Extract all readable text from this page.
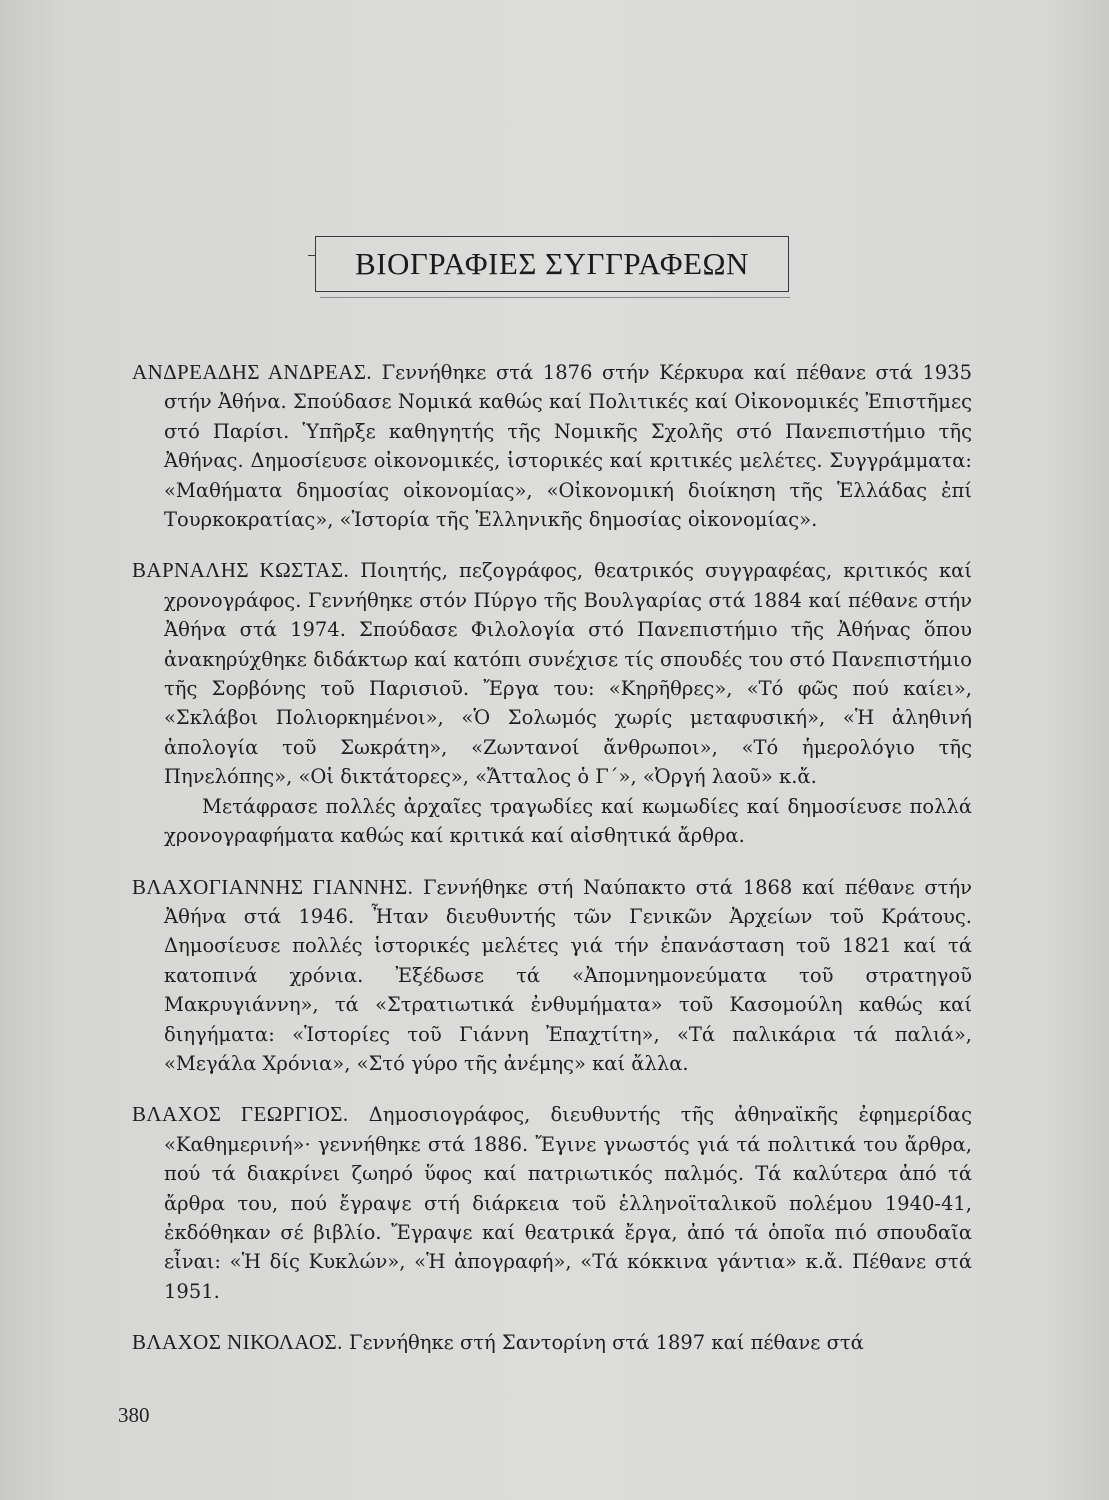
ΒΙΟΓΡΑΦΙΕΣ ΣΥΓΓΡΑΦΕΩΝ

ΑΝΔΡΕΑΔΗΣ ΑΝΔΡΕΑΣ. Γεννήθηκε στά 1876 στήν Κέρκυρα καί πέθανε στά 1935 στήν Ἀθήνα. Σπούδασε Νομικά καθώς καί Πολιτικές καί Οἰκονομικές Ἐπιστῆμες στό Παρίσι. Ὑπῆρξε καθηγητής τῆς Νομικῆς Σχολῆς στό Πανεπιστήμιο τῆς Ἀθήνας. Δημοσίευσε οἰκονομικές, ἱστορικές καί κριτικές μελέτες. Συγγράμματα: «Μαθήματα δημοσίας οἰκονομίας», «Οἰκονομική διοίκηση τῆς Ἑλλάδας ἐπί Τουρκοκρατίας», «Ἱστορία τῆς Ἑλληνικῆς δημοσίας οἰκονομίας».

ΒΑΡΝΑΛΗΣ ΚΩΣΤΑΣ. Ποιητής, πεζογράφος, θεατρικός συγγραφέας, κριτικός καί χρονογράφος. Γεννήθηκε στόν Πύργο τῆς Βουλγαρίας στά 1884 καί πέθανε στήν Ἀθήνα στά 1974. Σπούδασε Φιλολογία στό Πανεπιστήμιο τῆς Ἀθήνας ὅπου ἀνακηρύχθηκε διδάκτωρ καί κατόπι συνέχισε τίς σπουδές του στό Πανεπιστήμιο τῆς Σορβόνης τοῦ Παρισιοῦ. Ἔργα του: «Κηρῆθρες», «Τό φῶς πού καίει», «Σκλάβοι Πολιορκημένοι», «Ὁ Σολωμός χωρίς μεταφυσική», «Ἡ ἀληθινή ἀπολογία τοῦ Σωκράτη», «Ζωντανοί ἄνθρωποι», «Τό ἡμερολόγιο τῆς Πηνελόπης», «Οἱ δικτάτορες», «Ἄτταλος ὁ Γ΄», «Ὀργή λαοῦ» κ.ἄ.
Μετάφρασε πολλές ἀρχαῖες τραγωδίες καί κωμωδίες καί δημοσίευσε πολλά χρονογραφήματα καθώς καί κριτικά καί αἰσθητικά ἄρθρα.

ΒΛΑΧΟΓΙΑΝΝΗΣ ΓΙΑΝΝΗΣ. Γεννήθηκε στή Ναύπακτο στά 1868 καί πέθανε στήν Ἀθήνα στά 1946. Ἦταν διευθυντής τῶν Γενικῶν Ἀρχείων τοῦ Κράτους. Δημοσίευσε πολλές ἱστορικές μελέτες γιά τήν ἐπανάσταση τοῦ 1821 καί τά κατοπινά χρόνια. Ἐξέδωσε τά «Ἀπομνημονεύματα τοῦ στρατηγοῦ Μακρυγιάννη», τά «Στρατιωτικά ἐνθυμήματα» τοῦ Κασομούλη καθώς καί διηγήματα: «Ἱστορίες τοῦ Γιάννη Ἐπαχτίτη», «Τά παλικάρια τά παλιά», «Μεγάλα Χρόνια», «Στό γύρο τῆς ἀνέμης» καί ἄλλα.

ΒΛΑΧΟΣ ΓΕΩΡΓΙΟΣ. Δημοσιογράφος, διευθυντής τῆς ἀθηναϊκῆς ἐφημερίδας «Καθημερινή»· γεννήθηκε στά 1886. Ἔγινε γνωστός γιά τά πολιτικά του ἄρθρα, πού τά διακρίνει ζωηρό ὕφος καί πατριωτικός παλμός. Τά καλύτερα ἀπό τά ἄρθρα του, πού ἔγραψε στή διάρκεια τοῦ ἑλληνοϊταλικοῦ πολέμου 1940-41, ἐκδόθηκαν σέ βιβλίο. Ἔγραψε καί θεατρικά ἔργα, ἀπό τά ὁποῖα πιό σπουδαῖα εἶναι: «Ἡ δίς Κυκλών», «Ἡ ἀπογραφή», «Τά κόκκινα γάντια» κ.ἄ. Πέθανε στά 1951.

ΒΛΑΧΟΣ ΝΙΚΟΛΑΟΣ. Γεννήθηκε στή Σαντορίνη στά 1897 καί πέθανε στά

380
